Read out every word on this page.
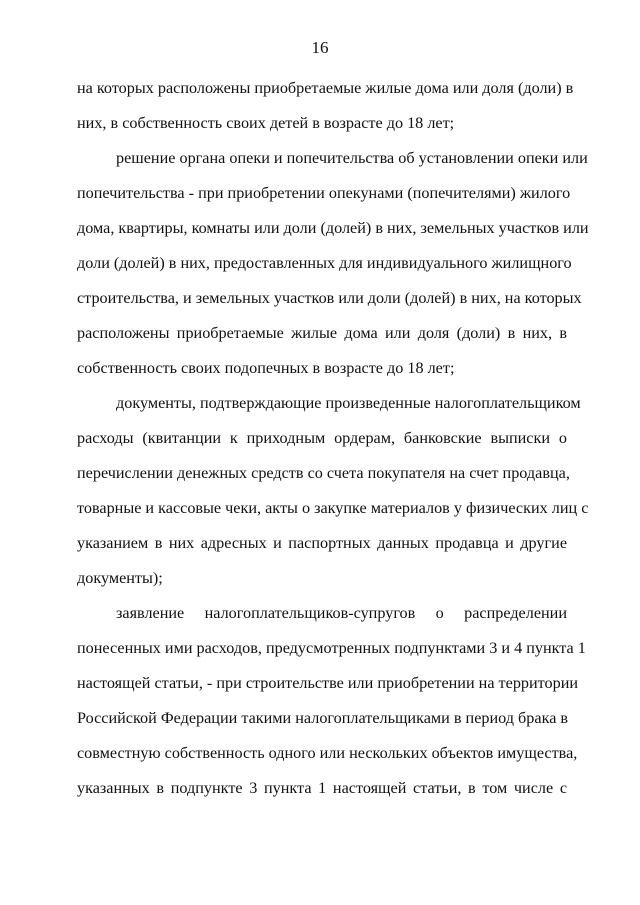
16
на которых расположены приобретаемые жилые дома или доля (доли) в
них, в собственность своих детей в возрасте до 18 лет;
решение органа опеки и попечительства об установлении опеки или
попечительства - при приобретении опекунами (попечителями) жилого
дома, квартиры, комнаты или доли (долей) в них, земельных участков или
доли (долей) в них, предоставленных для индивидуального жилищного
строительства, и земельных участков или доли (долей) в них, на которых
расположены приобретаемые жилые дома или доля (доли) в них, в
собственность своих подопечных в возрасте до 18 лет;
документы, подтверждающие произведенные налогоплательщиком
расходы (квитанции к приходным ордерам, банковские выписки о
перечислении денежных средств со счета покупателя на счет продавца,
товарные и кассовые чеки, акты о закупке материалов у физических лиц с
указанием в них адресных и паспортных данных продавца и другие
документы);
заявление налогоплательщиков-супругов о распределении
понесенных ими расходов, предусмотренных подпунктами 3 и 4 пункта 1
настоящей статьи, - при строительстве или приобретении на территории
Российской Федерации такими налогоплательщиками в период брака в
совместную собственность одного или нескольких объектов имущества,
указанных в подпункте 3 пункта 1 настоящей статьи, в том числе с
